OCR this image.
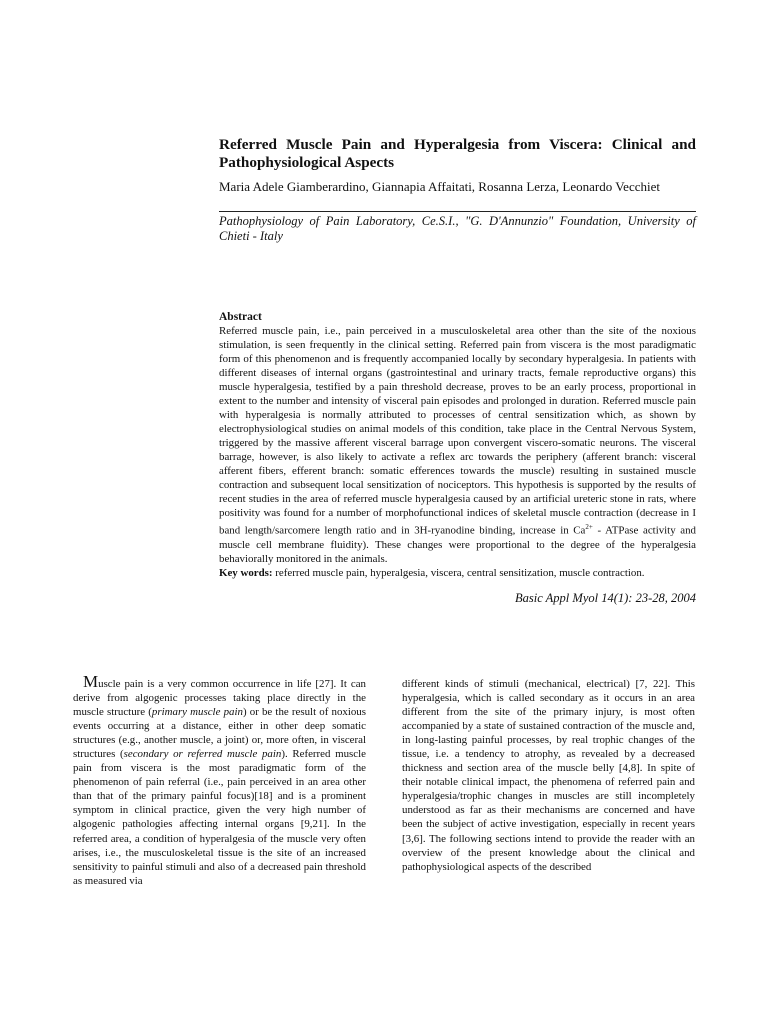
Referred Muscle Pain and Hyperalgesia from Viscera: Clinical and Pathophysiological Aspects

Maria Adele Giamberardino, Giannapia Affaitati, Rosanna Lerza, Leonardo Vecchiet

Pathophysiology of Pain Laboratory, Ce.S.I., "G. D'Annunzio" Foundation, University of Chieti - Italy

Abstract

Referred muscle pain, i.e., pain perceived in a musculoskeletal area other than the site of the noxious stimulation, is seen frequently in the clinical setting. Referred pain from viscera is the most paradigmatic form of this phenomenon and is frequently accompanied locally by secondary hyperalgesia. In patients with different diseases of internal organs (gastrointestinal and urinary tracts, female reproductive organs) this muscle hyperalgesia, testified by a pain threshold decrease, proves to be an early process, proportional in extent to the number and intensity of visceral pain episodes and prolonged in duration. Referred muscle pain with hyperalgesia is normally attributed to processes of central sensitization which, as shown by electrophysiological studies on animal models of this condition, take place in the Central Nervous System, triggered by the massive afferent visceral barrage upon convergent viscero-somatic neurons. The visceral barrage, however, is also likely to activate a reflex arc towards the periphery (afferent branch: visceral afferent fibers, efferent branch: somatic efferences towards the muscle) resulting in sustained muscle contraction and subsequent local sensitization of nociceptors. This hypothesis is supported by the results of recent studies in the area of referred muscle hyperalgesia caused by an artificial ureteric stone in rats, where positivity was found for a number of morphofunctional indices of skeletal muscle contraction (decrease in I band length/sarcomere length ratio and in 3H-ryanodine binding, increase in $Ca^{2+}$ - ATPase activity and muscle cell membrane fluidity). These changes were proportional to the degree of the hyperalgesia behaviorally monitored in the animals.

Key words: referred muscle pain, hyperalgesia, viscera, central sensitization, muscle contraction.

Basic Appl Myol 14(1): 23-28, 2004

Muscle pain is a very common occurrence in life [27]. It can derive from algogenic processes taking place directly in the muscle structure (primary muscle pain) or be the result of noxious events occurring at a distance, either in other deep somatic structures (e.g., another muscle, a joint) or, more often, in visceral structures (secondary or referred muscle pain). Referred muscle pain from viscera is the most paradigmatic form of the phenomenon of pain referral (i.e., pain perceived in an area other than that of the primary painful focus)[18] and is a prominent symptom in clinical practice, given the very high number of algogenic pathologies affecting internal organs [9,21]. In the referred area, a condition of hyperalgesia of the muscle very often arises, i.e., the musculoskeletal tissue is the site of an increased sensitivity to painful stimuli and also of a decreased pain threshold as measured via

different kinds of stimuli (mechanical, electrical) [7, 22]. This hyperalgesia, which is called secondary as it occurs in an area different from the site of the primary injury, is most often accompanied by a state of sustained contraction of the muscle and, in long-lasting painful processes, by real trophic changes of the tissue, i.e. a tendency to atrophy, as revealed by a decreased thickness and section area of the muscle belly [4,8]. In spite of their notable clinical impact, the phenomena of referred pain and hyperalgesia/trophic changes in muscles are still incompletely understood as far as their mechanisms are concerned and have been the subject of active investigation, especially in recent years [3,6]. The following sections intend to provide the reader with an overview of the present knowledge about the clinical and pathophysiological aspects of the described
